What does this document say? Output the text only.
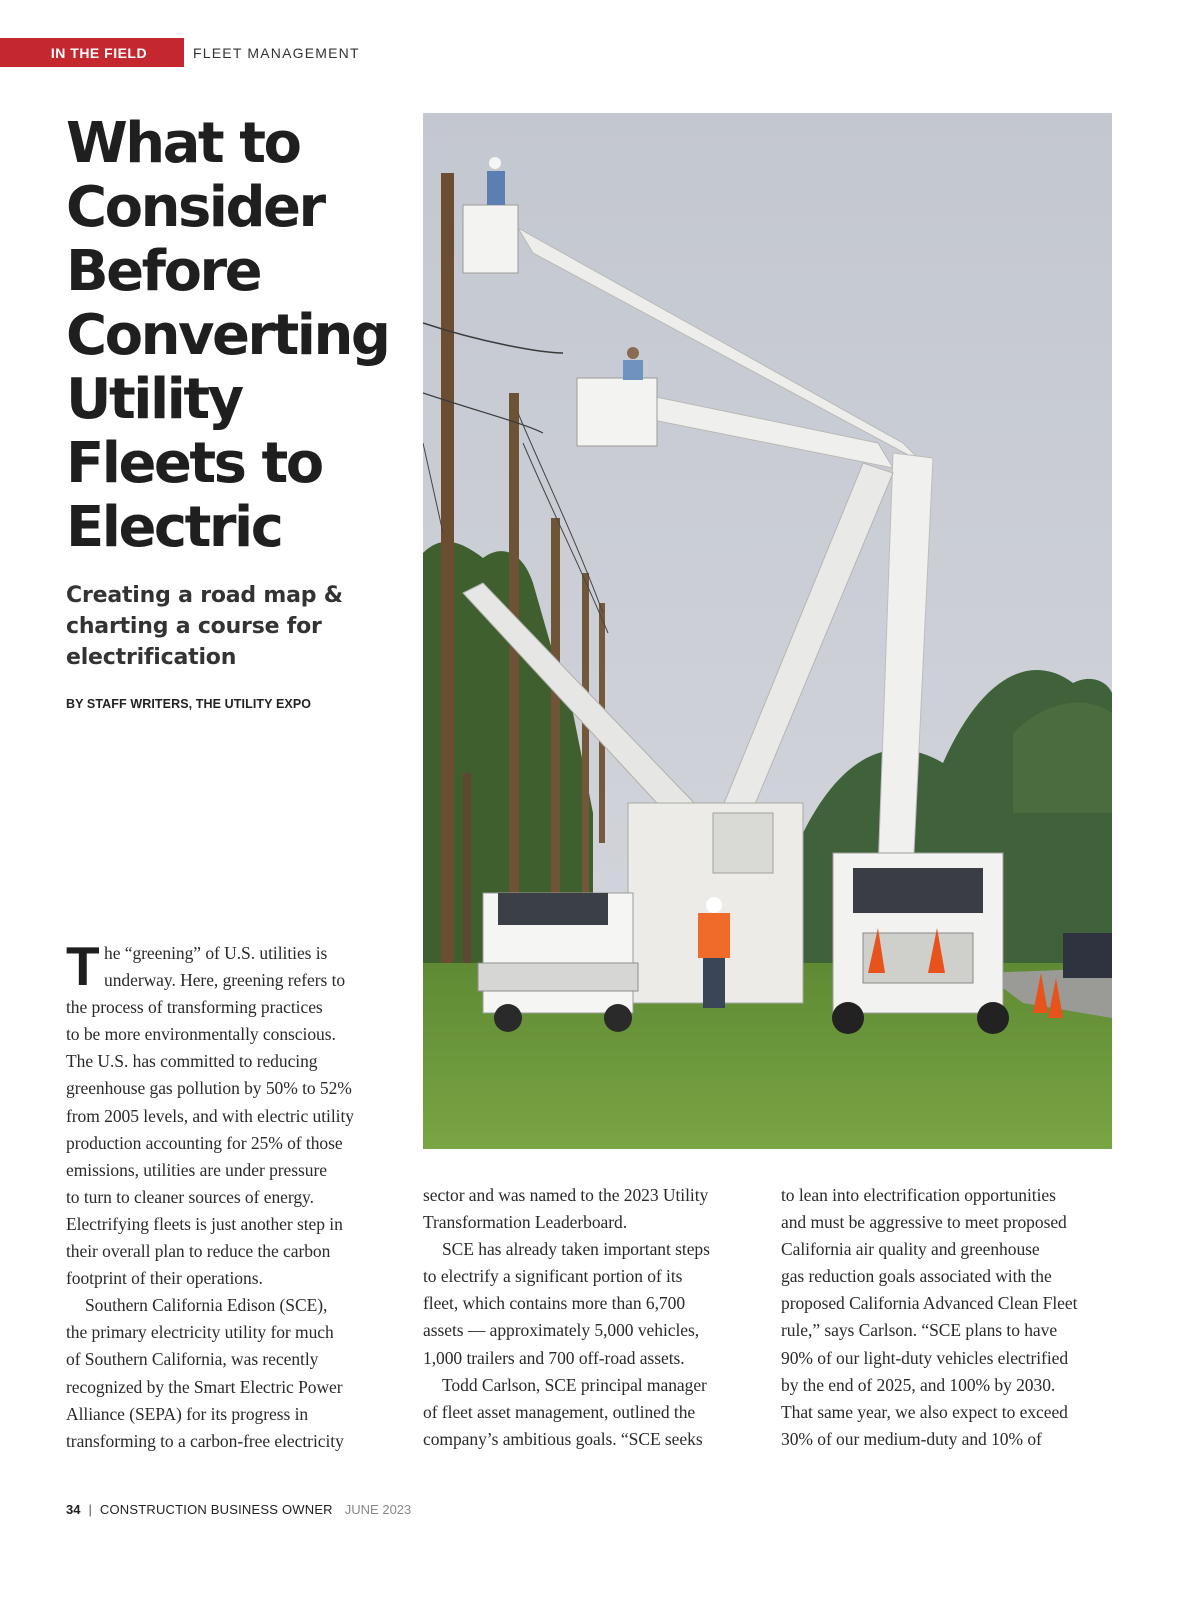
IN THE FIELD	FLEET MANAGEMENT
What to
Consider
Before
Converting
Utility
Fleets to
Electric
Creating a road map &
charting a course for
electrification
BY STAFF WRITERS, THE UTILITY EXPO

T he “greening” of U.S. utilities is
underway. Here, greening refers to
the process of transforming practices
to be more environmentally conscious.
The U.S. has committed to reducing
greenhouse gas pollution by 50% to 52%
from 2005 levels, and with electric utility
production accounting for 25% of those
emissions, utilities are under pressure
to turn to cleaner sources of energy.
Electrifying fleets is just another step in
their overall plan to reduce the carbon
footprint of their operations.

Southern California Edison (SCE),
the primary electricity utility for much
of Southern California, was recently
recognized by the Smart Electric Power
Alliance (SEPA) for its progress in
transforming to a carbon-free electricity

sector and was named to the 2023 Utility
Transformation Leaderboard.

SCE has already taken important steps
to electrify a significant portion of its
fleet, which contains more than 6,700
assets — approximately 5,000 vehicles,
1,000 trailers and 700 off-road assets.

Todd Carlson, SCE principal manager
of fleet asset management, outlined the
company’s ambitious goals. “SCE seeks

to lean into electrification opportunities
and must be aggressive to meet proposed
California air quality and greenhouse
gas reduction goals associated with the
proposed California Advanced Clean Fleet
rule,” says Carlson. “SCE plans to have
90% of our light-duty vehicles electrified
by the end of 2025, and 100% by 2030.
That same year, we also expect to exceed
30% of our medium-duty and 10% of

34 | CONSTRUCTION BUSINESS OWNER JUNE 2023
